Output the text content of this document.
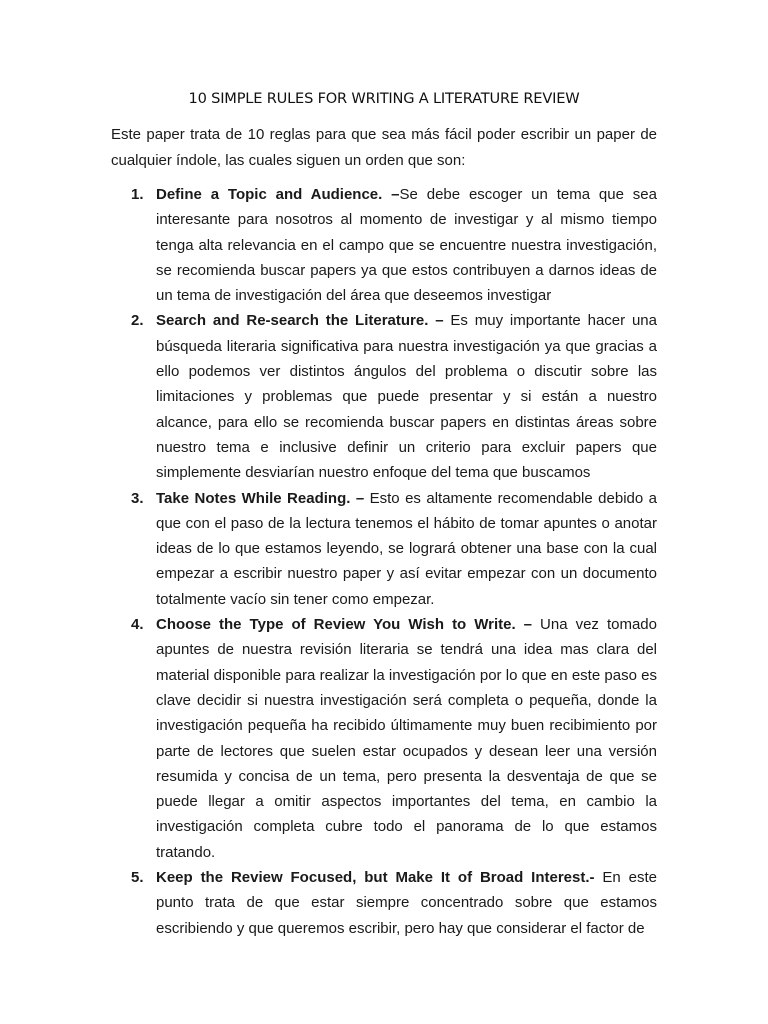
10 SIMPLE RULES FOR WRITING A LITERATURE REVIEW

Este paper trata de 10 reglas para que sea más fácil poder escribir un paper de cualquier índole, las cuales siguen un orden que son:

1. Define a Topic and Audience. –Se debe escoger un tema que sea interesante para nosotros al momento de investigar y al mismo tiempo tenga alta relevancia en el campo que se encuentre nuestra investigación, se recomienda buscar papers ya que estos contribuyen a darnos ideas de un tema de investigación del área que deseemos investigar
2. Search and Re-search the Literature. – Es muy importante hacer una búsqueda literaria significativa para nuestra investigación ya que gracias a ello podemos ver distintos ángulos del problema o discutir sobre las limitaciones y problemas que puede presentar y si están a nuestro alcance, para ello se recomienda buscar papers en distintas áreas sobre nuestro tema e inclusive definir un criterio para excluir papers que simplemente desviarían nuestro enfoque del tema que buscamos
3. Take Notes While Reading. – Esto es altamente recomendable debido a que con el paso de la lectura tenemos el hábito de tomar apuntes o anotar ideas de lo que estamos leyendo, se logrará obtener una base con la cual empezar a escribir nuestro paper y así evitar empezar con un documento totalmente vacío sin tener como empezar.
4. Choose the Type of Review You Wish to Write. – Una vez tomado apuntes de nuestra revisión literaria se tendrá una idea mas clara del material disponible para realizar la investigación por lo que en este paso es clave decidir si nuestra investigación será completa o pequeña, donde la investigación pequeña ha recibido últimamente muy buen recibimiento por parte de lectores que suelen estar ocupados y desean leer una versión resumida y concisa de un tema, pero presenta la desventaja de que se puede llegar a omitir aspectos importantes del tema, en cambio la investigación completa cubre todo el panorama de lo que estamos tratando.
5. Keep the Review Focused, but Make It of Broad Interest.- En este punto trata de que estar siempre concentrado sobre que estamos escribiendo y que queremos escribir, pero hay que considerar el factor de
